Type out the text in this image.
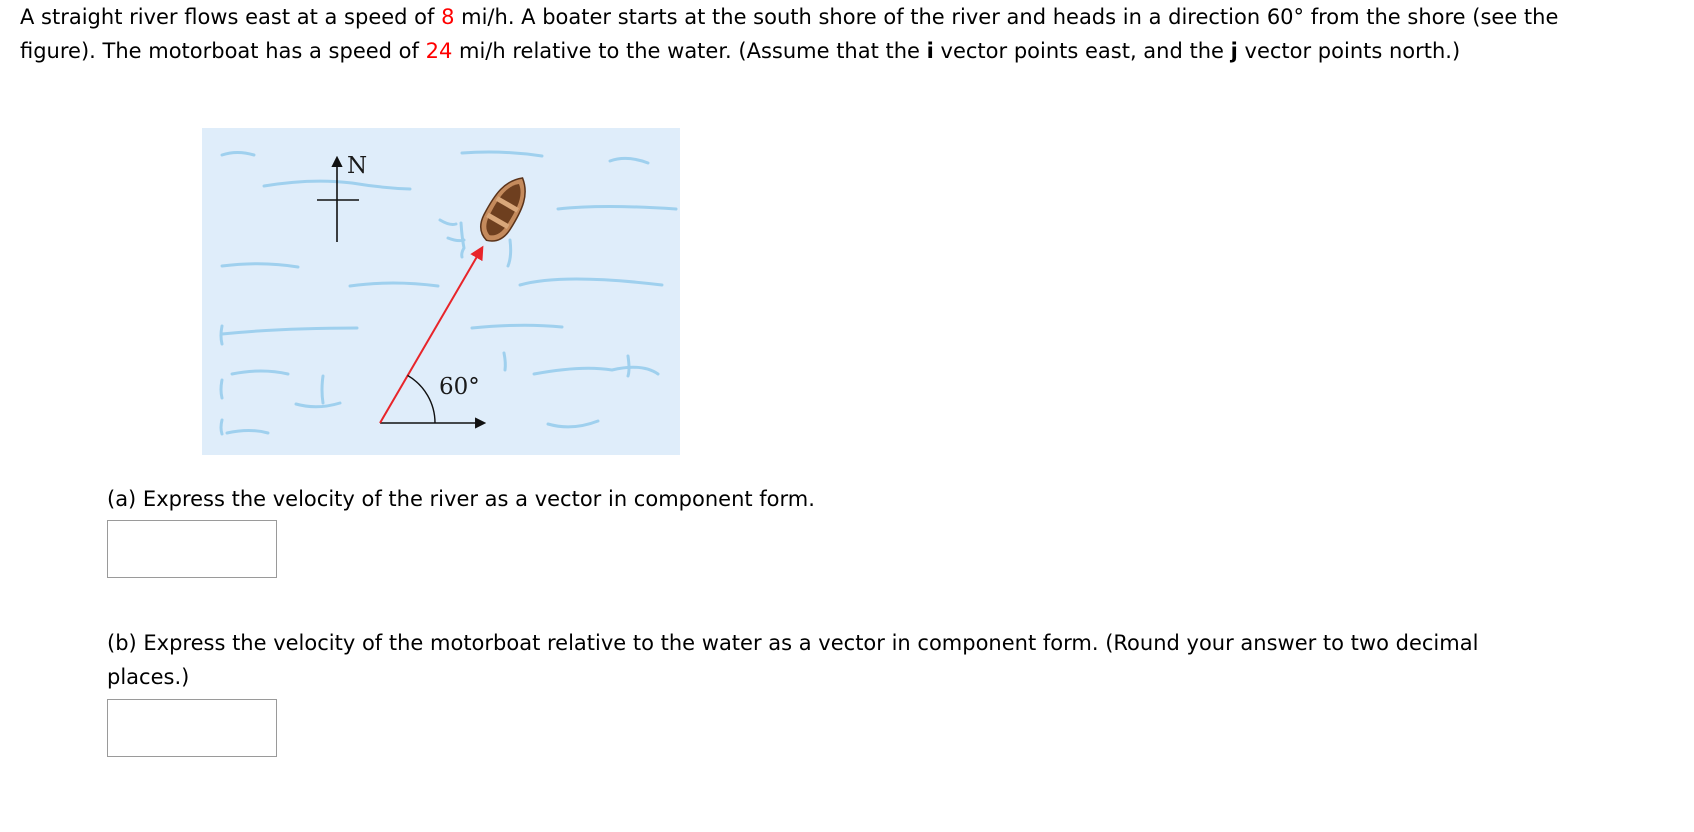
A straight river flows east at a speed of 8 mi/h. A boater starts at the south shore of the river and heads in a direction 60° from the shore (see the figure). The motorboat has a speed of 24 mi/h relative to the water. (Assume that the i vector points east, and the j vector points north.)
N
60°
(a) Express the velocity of the river as a vector in component form.
(b) Express the velocity of the motorboat relative to the water as a vector in component form. (Round your answer to two decimal places.)
